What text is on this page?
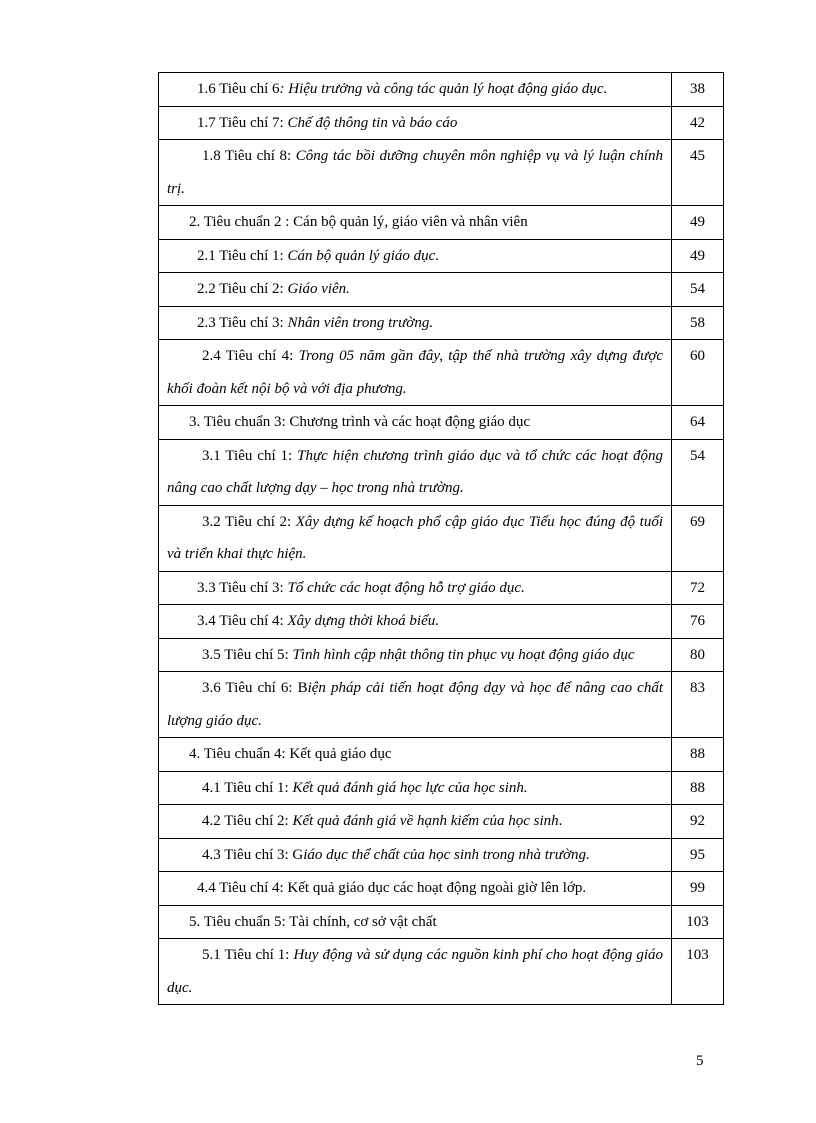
1.6 Tiêu chí 6: Hiệu trưởng và công tác quản lý hoạt động giáo dục.	38
1.7 Tiêu chí 7: Chế độ thông tin và báo cáo	42
1.8 Tiêu chí 8: Công tác bồi dưỡng chuyên môn nghiệp vụ và lý luận chính trị.	45
2. Tiêu chuẩn 2 : Cán bộ quản lý, giáo viên và nhân viên	49
2.1 Tiêu chí 1: Cán bộ quản lý giáo dục.	49
2.2 Tiêu chí 2: Giáo viên.	54
2.3 Tiêu chí 3: Nhân viên trong trường.	58
2.4 Tiêu chí 4: Trong 05 năm gần đây, tập thể nhà trường xây dựng được khối đoàn kết nội bộ và với địa phương.	60
3. Tiêu chuẩn 3: Chương trình và các hoạt động giáo dục	64
3.1 Tiêu chí 1: Thực hiện chương trình giáo dục và tổ chức các hoạt động nâng cao chất lượng dạy – học trong nhà trường.	54
3.2 Tiêu chí 2: Xây dựng kế hoạch phổ cập giáo dục Tiểu học đúng độ tuổi và triển khai thực hiện.	69
3.3 Tiêu chí 3: Tổ chức các hoạt động hỗ trợ giáo dục.	72
3.4 Tiêu chí 4: Xây dựng thời khoá biểu.	76
3.5 Tiêu chí 5: Tình hình cập nhật thông tin phục vụ hoạt động giáo dục	80
3.6 Tiêu chí 6: Biện pháp cải tiến hoạt động dạy và học để nâng cao chất lượng giáo dục.	83
4. Tiêu chuẩn 4: Kết quả giáo dục	88
4.1 Tiêu chí 1: Kết quả đánh giá học lực của học sinh.	88
4.2 Tiêu chí 2: Kết quả đánh giá về hạnh kiểm của học sinh.	92
4.3 Tiêu chí 3: Giáo dục thể chất của học sinh trong nhà trường.	95
4.4 Tiêu chí 4: Kết quả giáo dục các hoạt động ngoài giờ lên lớp.	99
5. Tiêu chuẩn 5: Tài chính, cơ sở vật chất	103
5.1 Tiêu chí 1: Huy động và sử dụng các nguồn kinh phí cho hoạt động giáo dục.	103
5
